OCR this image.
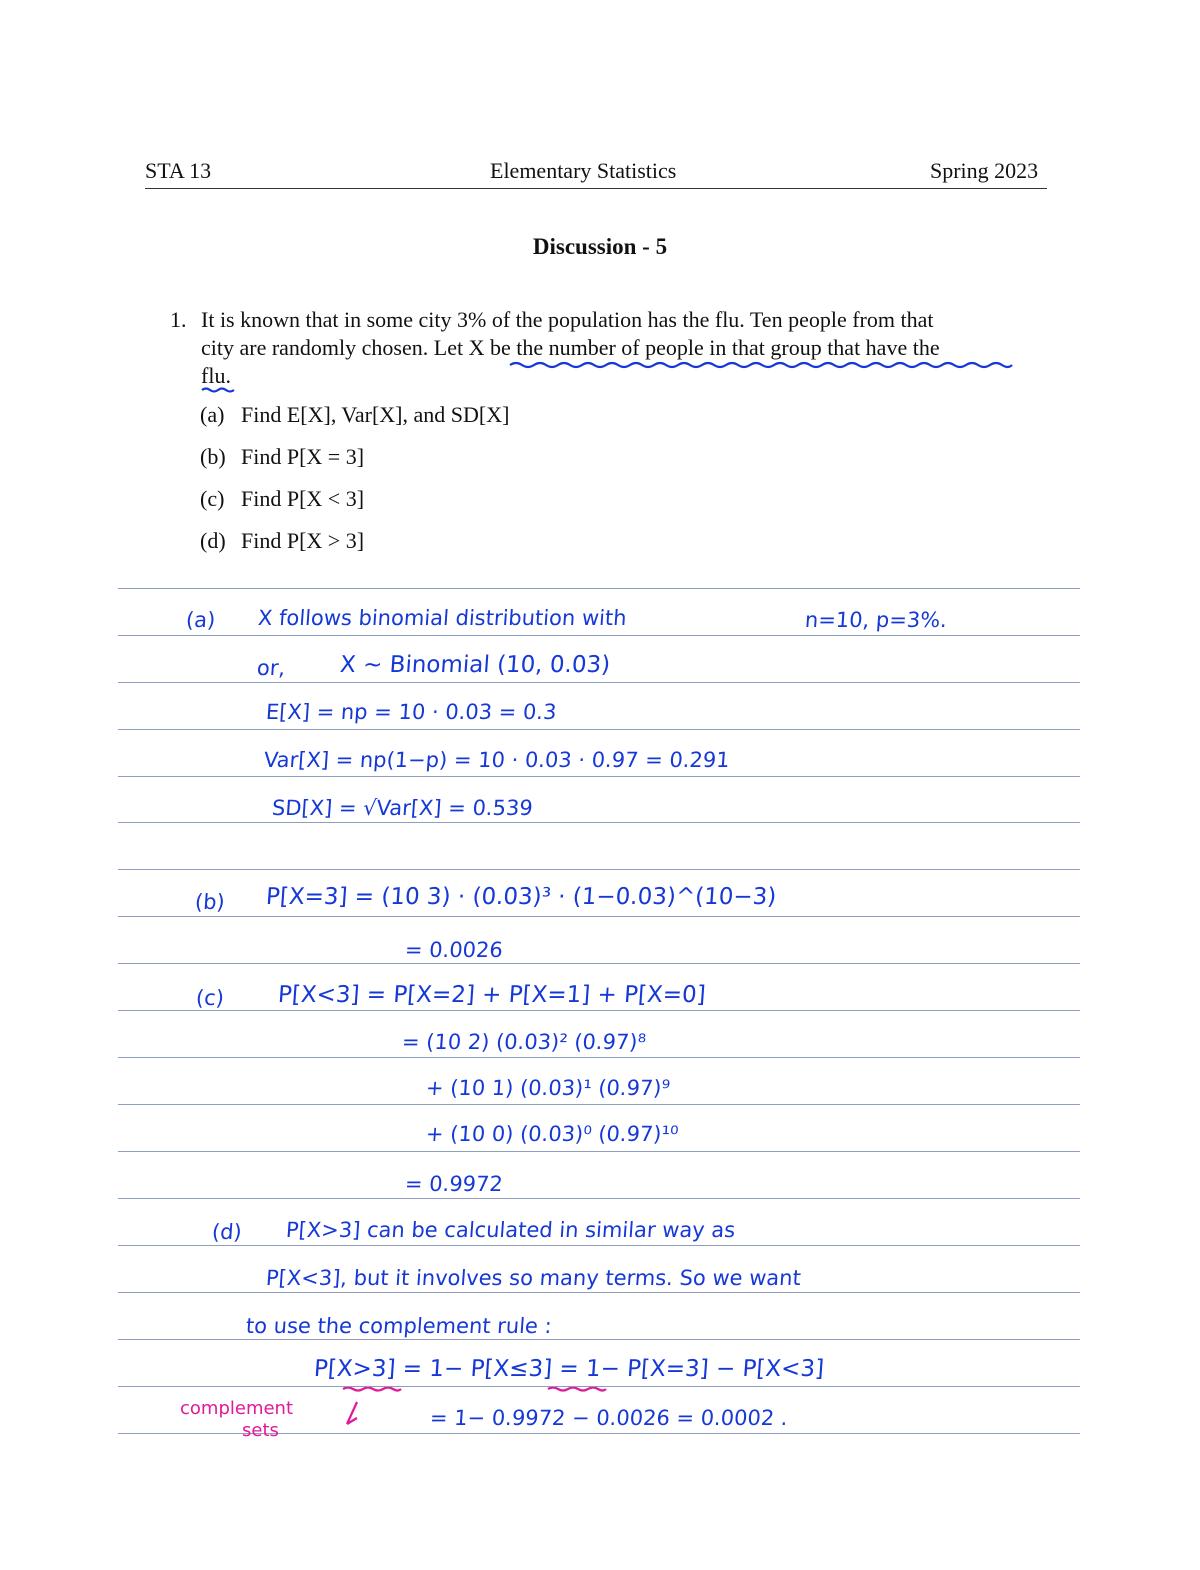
STA 13	Elementary Statistics	Spring 2023
Discussion - 5
1. It is known that in some city 3% of the population has the flu. Ten people from that
city are randomly chosen. Let X be the number of people in that group that have the
flu.
(a) Find E[X], Var[X], and SD[X]
(b) Find P[X = 3]
(c) Find P[X < 3]
(d) Find P[X > 3]
(a) X follows binomial distribution with	n=10, p=3%.
or, X ~ Binomial (10, 0.03)
E[X] = np = 10 · 0.03 = 0.3
Var[X] = np(1−p) = 10 · 0.03 · 0.97 = 0.291
SD[X] = √Var[X] = 0.539
(b) P[X=3] = (10 3) · (0.03)³ · (1−0.03)^(10−3)
= 0.0026
(c) P[X<3] = P[X=2] + P[X=1] + P[X=0]
= (10 2) (0.03)² (0.97)⁸
+ (10 1) (0.03)¹ (0.97)⁹
+ (10 0) (0.03)⁰ (0.97)¹⁰
= 0.9972
(d) P[X>3] can be calculated in similar way as
P[X<3], but it involves so many terms. So we want
to use the complement rule :
P[X>3] = 1− P[X≤3] = 1− P[X=3] − P[X<3]
= 1− 0.9972 − 0.0026 = 0.0002 .
complement
sets
